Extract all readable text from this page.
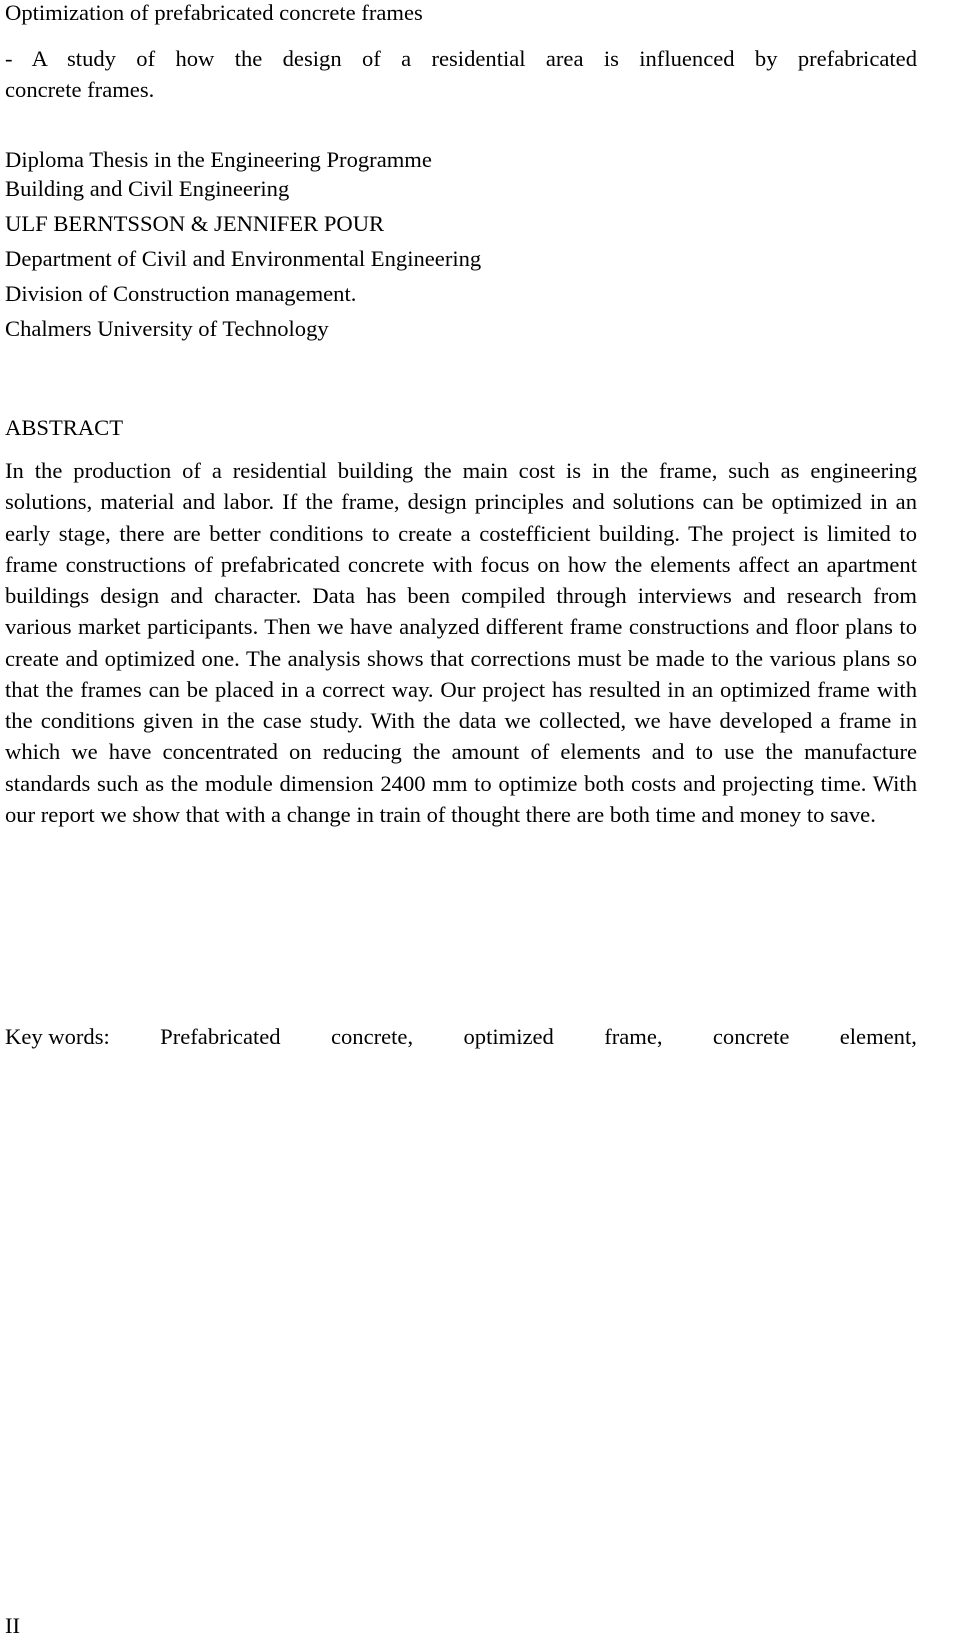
Optimization of prefabricated concrete frames
- A study of how the design of a residential area is influenced by prefabricated
concrete frames.
Diploma Thesis in the Engineering Programme
Building and Civil Engineering
ULF BERNTSSON & JENNIFER POUR
Department of Civil and Environmental Engineering
Division of Construction management.
Chalmers University of Technology
ABSTRACT

In the production of a residential building the main cost is in the frame, such as engineering solutions, material and labor. If the frame, design principles and solutions can be optimized in an early stage, there are better conditions to create a costefficient building. The project is limited to frame constructions of prefabricated concrete with focus on how the elements affect an apartment buildings design and character. Data has been compiled through interviews and research from various market participants. Then we have analyzed different frame constructions and floor plans to create and optimized one. The analysis shows that corrections must be made to the various plans so that the frames can be placed in a correct way. Our project has resulted in an optimized frame with the conditions given in the case study. With the data we collected, we have developed a frame in which we have concentrated on reducing the amount of elements and to use the manufacture standards such as the module dimension 2400 mm to optimize both costs and projecting time. With our report we show that with a change in train of thought there are both time and money to save.

Key words: Prefabricated concrete, optimized frame, concrete element,
II
